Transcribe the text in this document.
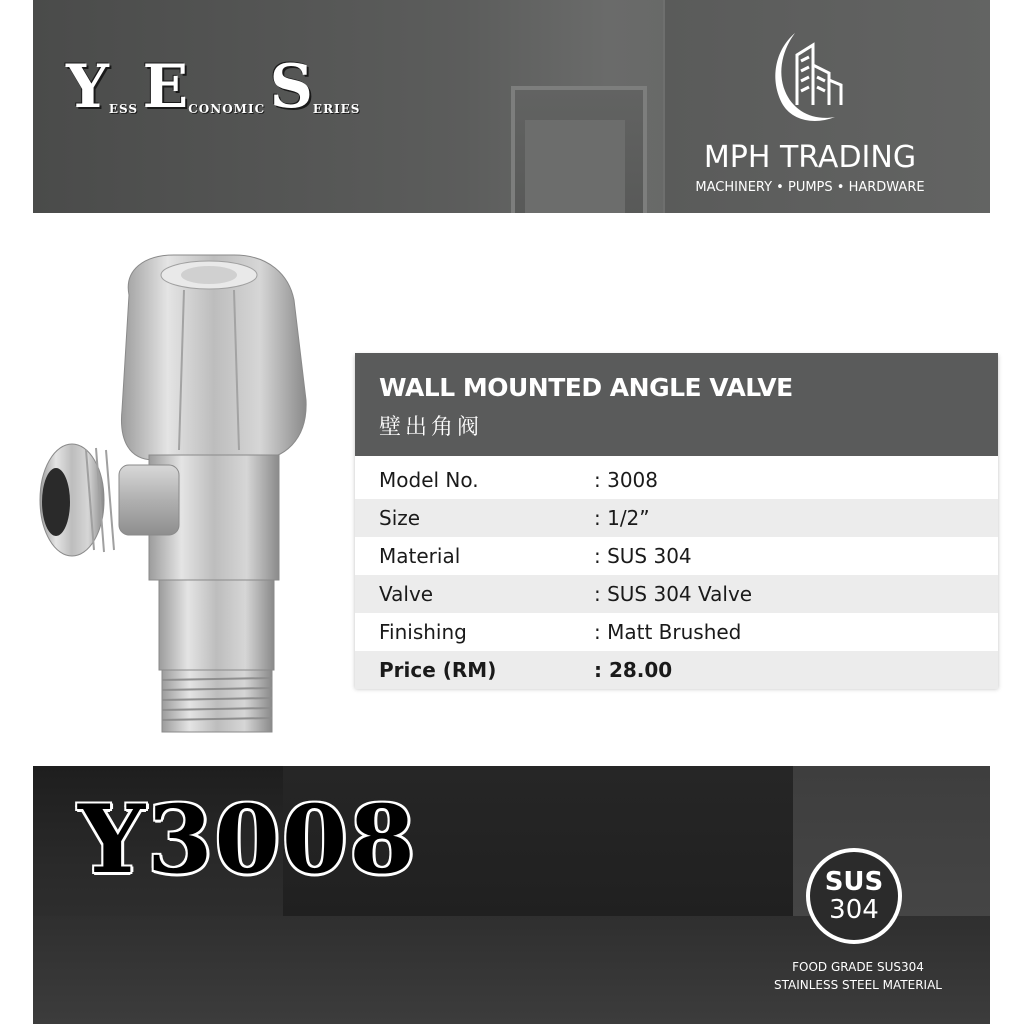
$Y^{ESS}$ $E^{CONOMIC}$ $S^{ERIES}$
MPH TRADING
MACHINERY • PUMPS • HARDWARE
WALL MOUNTED ANGLE VALVE
壁出角阀
Model No.	: 3008
Size	: 1/2”
Material	: SUS 304
Valve	: SUS 304 Valve
Finishing	: Matt Brushed
Price (RM)	: 28.00
Y3008	SUS
304
FOOD GRADE SUS304
STAINLESS STEEL MATERIAL
